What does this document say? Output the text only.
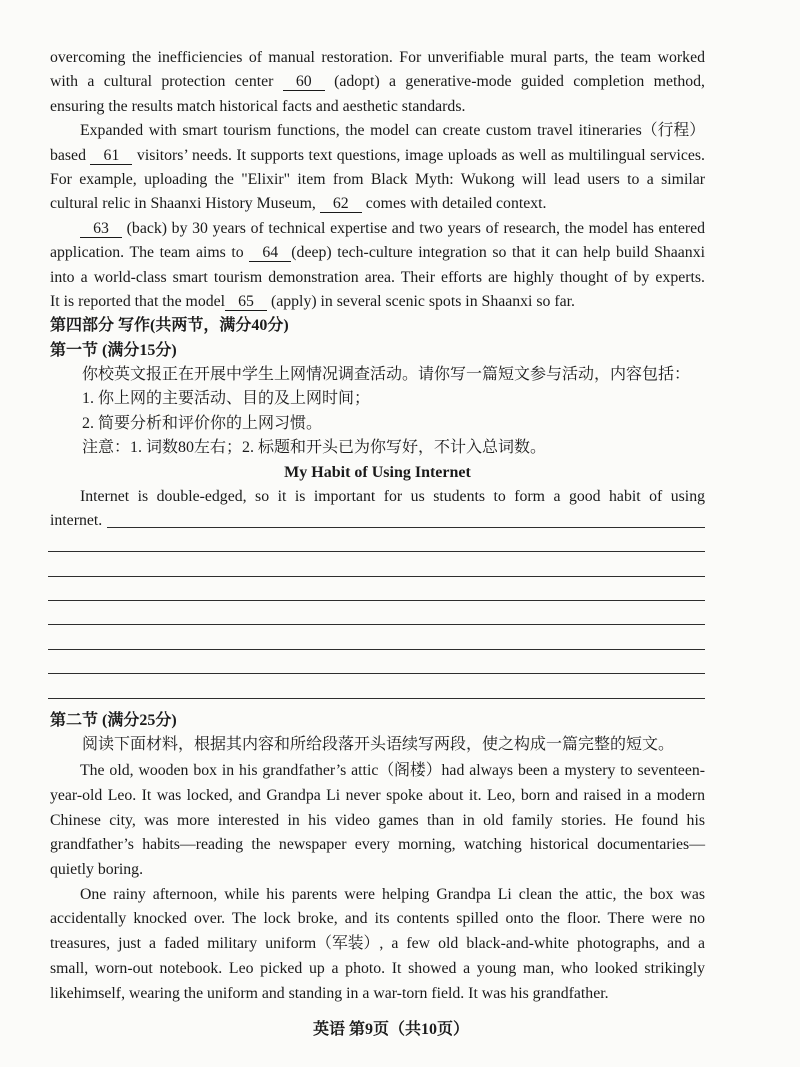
overcoming the inefficiencies of manual restoration. For unverifiable mural parts, the team worked
with a cultural protection center 60 (adopt) a generative-mode guided completion method,
ensuring the results match historical facts and aesthetic standards.
Expanded with smart tourism functions, the model can create custom travel itineraries（行程）
based 61 visitors’ needs. It supports text questions, image uploads as well as multilingual services.
For example, uploading the "Elixir" item from Black Myth: Wukong will lead users to a similar
cultural relic in Shaanxi History Museum, 62 comes with detailed context.
63 (back) by 30 years of technical expertise and two years of research, the model has entered
application. The team aims to 64 (deep) tech-culture integration so that it can help build Shaanxi
into a world-class smart tourism demonstration area. Their efforts are highly thought of by experts.
It is reported that the model 65 (apply) in several scenic spots in Shaanxi so far.
第四部分 写作(共两节，满分40分)
第一节 (满分15分)
你校英文报正在开展中学生上网情况调查活动。请你写一篇短文参与活动，内容包括：
1. 你上网的主要活动、目的及上网时间；
2. 简要分析和评价你的上网习惯。
注意：1. 词数80左右；2. 标题和开头已为你写好，不计入总词数。
My Habit of Using Internet
Internet is double-edged, so it is important for us students to form a good habit of using
internet.
第二节 (满分25分)
阅读下面材料，根据其内容和所给段落开头语续写两段，使之构成一篇完整的短文。
The old, wooden box in his grandfather’s attic（阁楼）had always been a mystery to seventeen-
year-old Leo. It was locked, and Grandpa Li never spoke about it. Leo, born and raised in a modern
Chinese city, was more interested in his video games than in old family stories. He found his
grandfather’s habits—reading the newspaper every morning, watching historical documentaries—
quietly boring.
One rainy afternoon, while his parents were helping Grandpa Li clean the attic, the box was
accidentally knocked over. The lock broke, and its contents spilled onto the floor. There were no
treasures, just a faded military uniform（军装）, a few old black-and-white photographs, and a
small, worn-out notebook. Leo picked up a photo. It showed a young man, who looked strikingly
likehimself, wearing the uniform and standing in a war-torn field. It was his grandfather.
英语 第9页（共10页）
